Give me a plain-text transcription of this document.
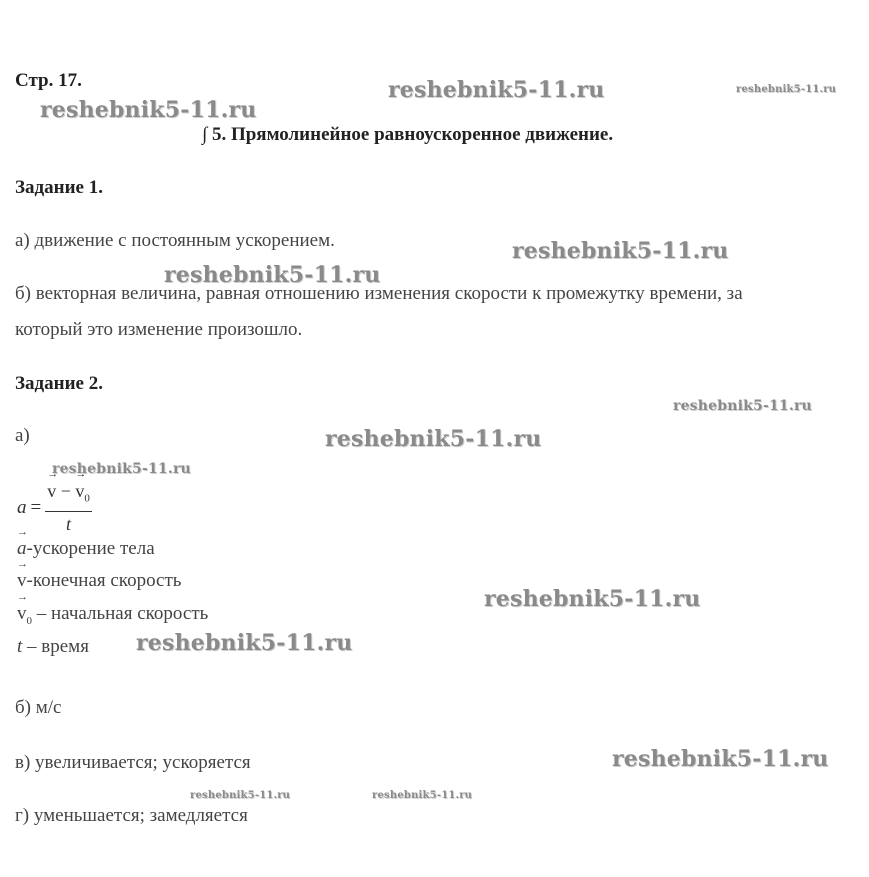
Стр. 17.
∫ 5. Прямолинейное равноускоренное движение.
Задание 1.
а) движение с постоянным ускорением.
б) векторная величина, равная отношению изменения скорости к промежутку времени, за
который это изменение произошло.
Задание 2.
а)
a =
→ $\frac{v - \to v_0}{t}$
→ a-ускорение тела
→ v-конечная скорость
→ $v_0$ – начальная скорость
t – время
б) м/с
в) увеличивается; ускоряется
г) уменьшается; замедляется
reshebnik5-11.ru	reshebnik5-11.ru
reshebnik5-11.ru
reshebnik5-11.ru
reshebnik5-11.ru
reshebnik5-11.ru
reshebnik5-11.ru
reshebnik5-11.ru
reshebnik5-11.ru
reshebnik5-11.ru
reshebnik5-11.ru
reshebnik5-11.ru	reshebnik5-11.ru
